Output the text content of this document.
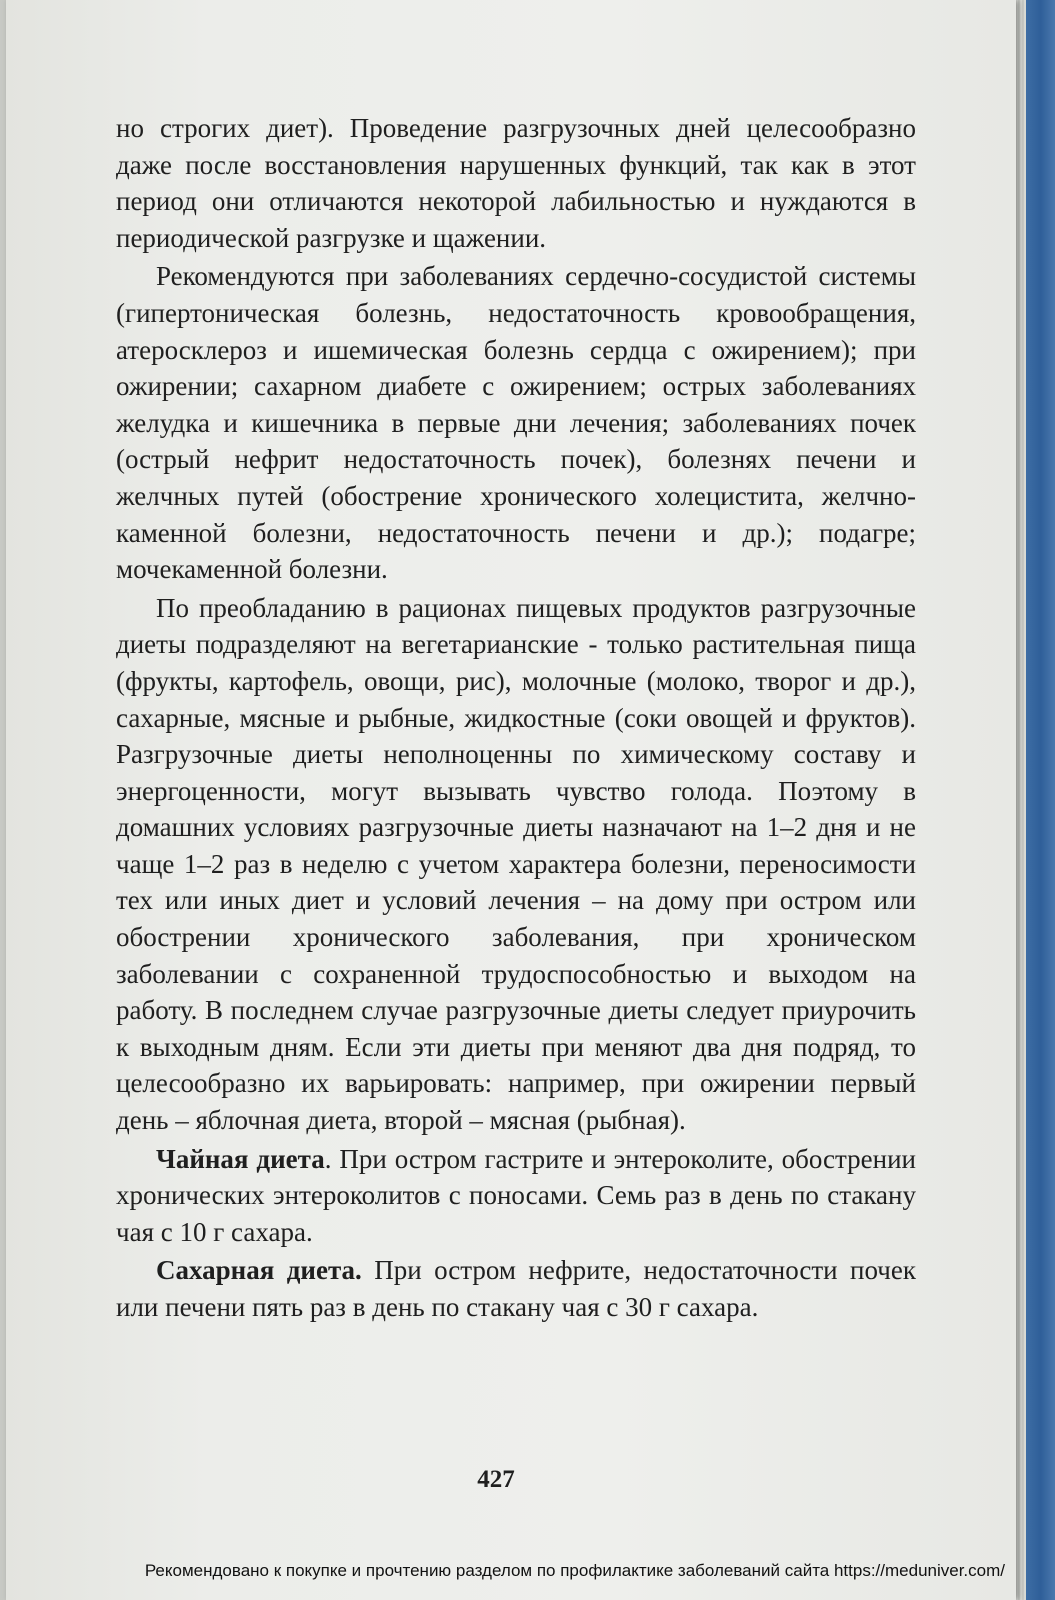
но строгих диет). Проведение разгрузочных дней целесообразно даже после восстановления нарушенных функций, так как в этот период они отличаются некоторой лабильностью и нуждаются в периодической разгрузке и щажении.

Рекомендуются при заболеваниях сердечно-сосудистой системы (гипертоническая болезнь, недостаточность кровообращения, атеросклероз и ишемическая болезнь сердца с ожирением); при ожирении; сахарном диабете с ожирением; острых заболеваниях желудка и кишечника в первые дни лечения; заболеваниях почек (острый нефрит недостаточность почек), болезнях печени и желчных путей (обострение хронического холецистита, желчно-каменной болезни, недостаточность печени и др.); подагре; мочекаменной болезни.

По преобладанию в рационах пищевых продуктов разгрузочные диеты подразделяют на вегетарианские - только растительная пища (фрукты, картофель, овощи, рис), молочные (молоко, творог и др.), сахарные, мясные и рыбные, жидкостные (соки овощей и фруктов). Разгрузочные диеты неполноценны по химическому составу и энергоценности, могут вызывать чувство голода. Поэтому в домашних условиях разгрузочные диеты назначают на 1–2 дня и не чаще 1–2 раз в неделю с учетом характера болезни, переносимости тех или иных диет и условий лечения – на дому при остром или обострении хронического заболевания, при хроническом заболевании с сохраненной трудоспособностью и выходом на работу. В последнем случае разгрузочные диеты следует приурочить к выходным дням. Если эти диеты при меняют два дня подряд, то целесообразно их варьировать: например, при ожирении первый день – яблочная диета, второй – мясная (рыбная).

Чайная диета. При остром гастрите и энтероколите, обострении хронических энтероколитов с поносами. Семь раз в день по стакану чая с 10 г сахара.

Сахарная диета. При остром нефрите, недостаточности почек или печени пять раз в день по стакану чая с 30 г сахара.

427
Рекомендовано к покупке и прочтению разделом по профилактике заболеваний сайта https://meduniver.com/
